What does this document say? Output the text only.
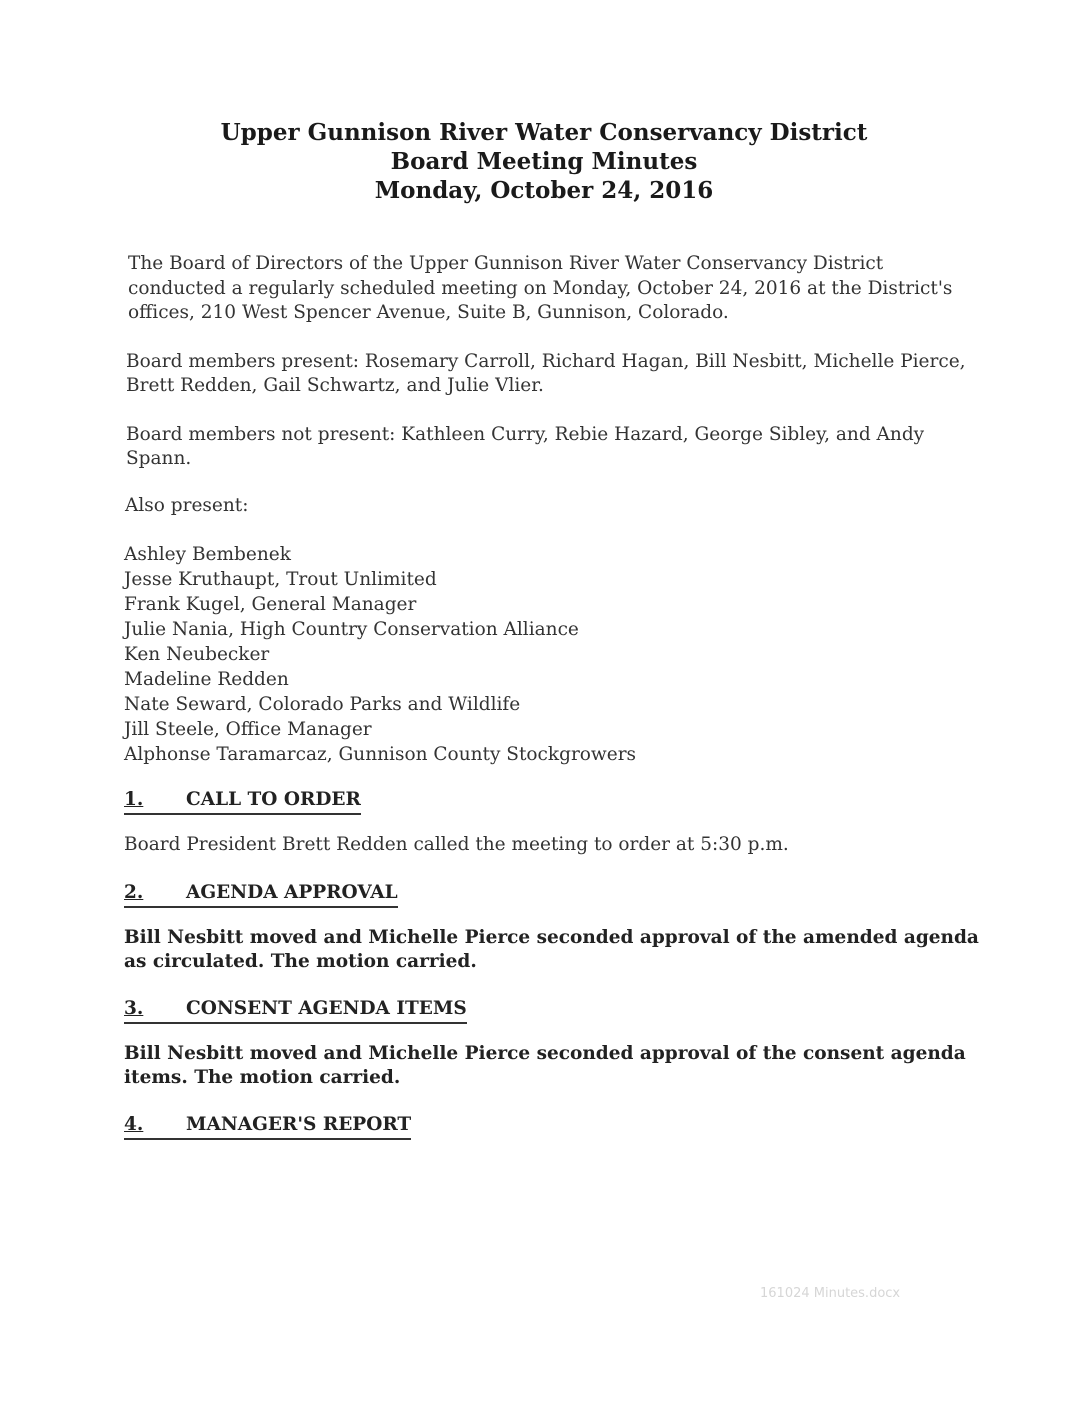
Upper Gunnison River Water Conservancy District
Board Meeting Minutes
Monday, October 24, 2016

The Board of Directors of the Upper Gunnison River Water Conservancy District conducted a regularly scheduled meeting on Monday, October 24, 2016 at the District's offices, 210 West Spencer Avenue, Suite B, Gunnison, Colorado.

Board members present: Rosemary Carroll, Richard Hagan, Bill Nesbitt, Michelle Pierce, Brett Redden, Gail Schwartz, and Julie Vlier.

Board members not present: Kathleen Curry, Rebie Hazard, George Sibley, and Andy Spann.

Also present:

Ashley Bembenek
Jesse Kruthaupt, Trout Unlimited
Frank Kugel, General Manager
Julie Nania, High Country Conservation Alliance
Ken Neubecker
Madeline Redden
Nate Seward, Colorado Parks and Wildlife
Jill Steele, Office Manager
Alphonse Taramarcaz, Gunnison County Stockgrowers
1.	CALL TO ORDER

Board President Brett Redden called the meeting to order at 5:30 p.m.

2.	AGENDA APPROVAL

Bill Nesbitt moved and Michelle Pierce seconded approval of the amended agenda as circulated. The motion carried.

3.	CONSENT AGENDA ITEMS

Bill Nesbitt moved and Michelle Pierce seconded approval of the consent agenda items. The motion carried.

4.	MANAGER'S REPORT
161024 Minutes.docx
